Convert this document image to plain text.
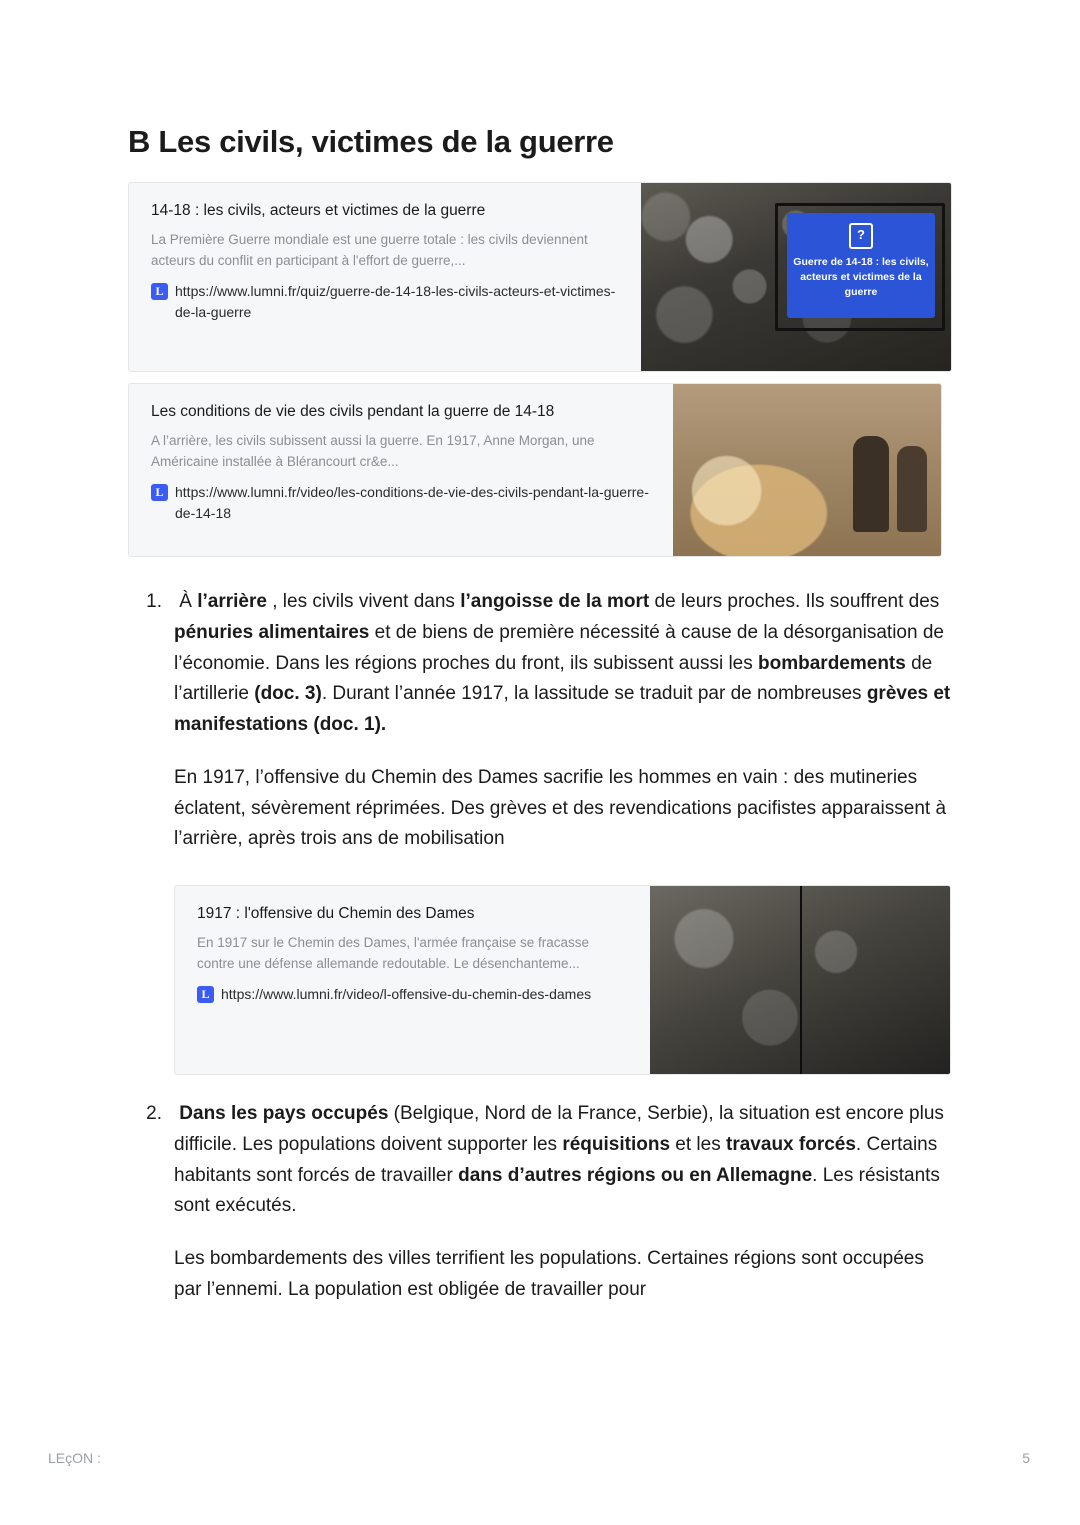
B Les civils, victimes de la guerre
14-18 : les civils, acteurs et victimes de la guerre
La Première Guerre mondiale est une guerre totale : les civils deviennent acteurs du conflit en participant à l'effort de guerre,...
L https://www.lumni.fr/quiz/guerre-de-14-18-les-civils-acteurs-et-victimes-de-la-guerre
?
Guerre de 14-18 : les civils, acteurs et victimes de la guerre
Les conditions de vie des civils pendant la guerre de 14-18
A l’arrière, les civils subissent aussi la guerre. En 1917, Anne Morgan, une Américaine installée à Blérancourt cr&e...
L https://www.lumni.fr/video/les-conditions-de-vie-des-civils-pendant-la-guerre-de-14-18
1. À l’arrière , les civils vivent dans l’angoisse de la mort de leurs proches. Ils souffrent des pénuries alimentaires et de biens de première nécessité à cause de la désorganisation de l’économie. Dans les régions proches du front, ils subissent aussi les bombardements de l’artillerie (doc. 3). Durant l’année 1917, la lassitude se traduit par de nombreuses grèves et manifestations (doc. 1).
En 1917, l’offensive du Chemin des Dames sacrifie les hommes en vain : des mutineries éclatent, sévèrement réprimées. Des grèves et des revendications pacifistes apparaissent à l’arrière, après trois ans de mobilisation
1917 : l'offensive du Chemin des Dames
En 1917 sur le Chemin des Dames, l'armée française se fracasse contre une défense allemande redoutable. Le désenchanteme...
L https://www.lumni.fr/video/l-offensive-du-chemin-des-dames
2. Dans les pays occupés (Belgique, Nord de la France, Serbie), la situation est encore plus difficile. Les populations doivent supporter les réquisitions et les travaux forcés. Certains habitants sont forcés de travailler dans d’autres régions ou en Allemagne. Les résistants sont exécutés.
Les bombardements des villes terrifient les populations. Certaines régions sont occupées par l’ennemi. La population est obligée de travailler pour
LEçON :	5
